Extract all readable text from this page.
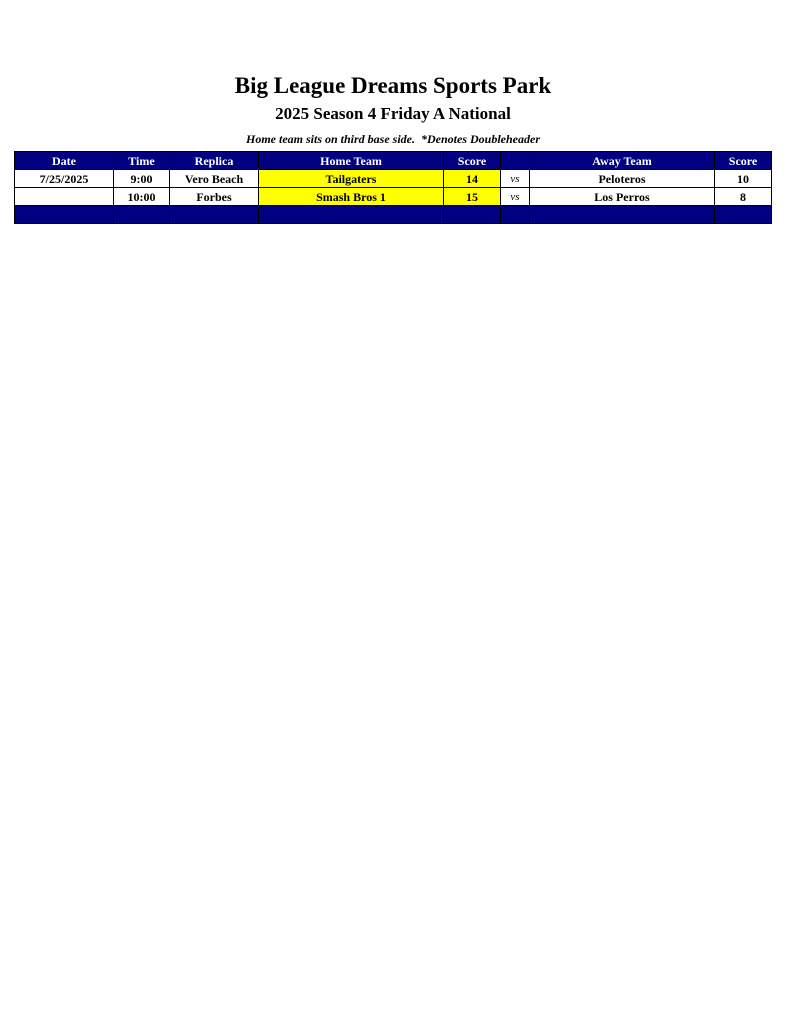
Big League Dreams Sports Park
2025 Season 4 Friday A National
Home team sits on third base side.  *Denotes Doubleheader
Date	Time	Replica	Home Team	Score		Away Team	Score
7/25/2025	9:00	Vero Beach	Tailgaters	14	vs	Peloteros	10
	10:00	Forbes	Smash Bros 1	15	vs	Los Perros	8
